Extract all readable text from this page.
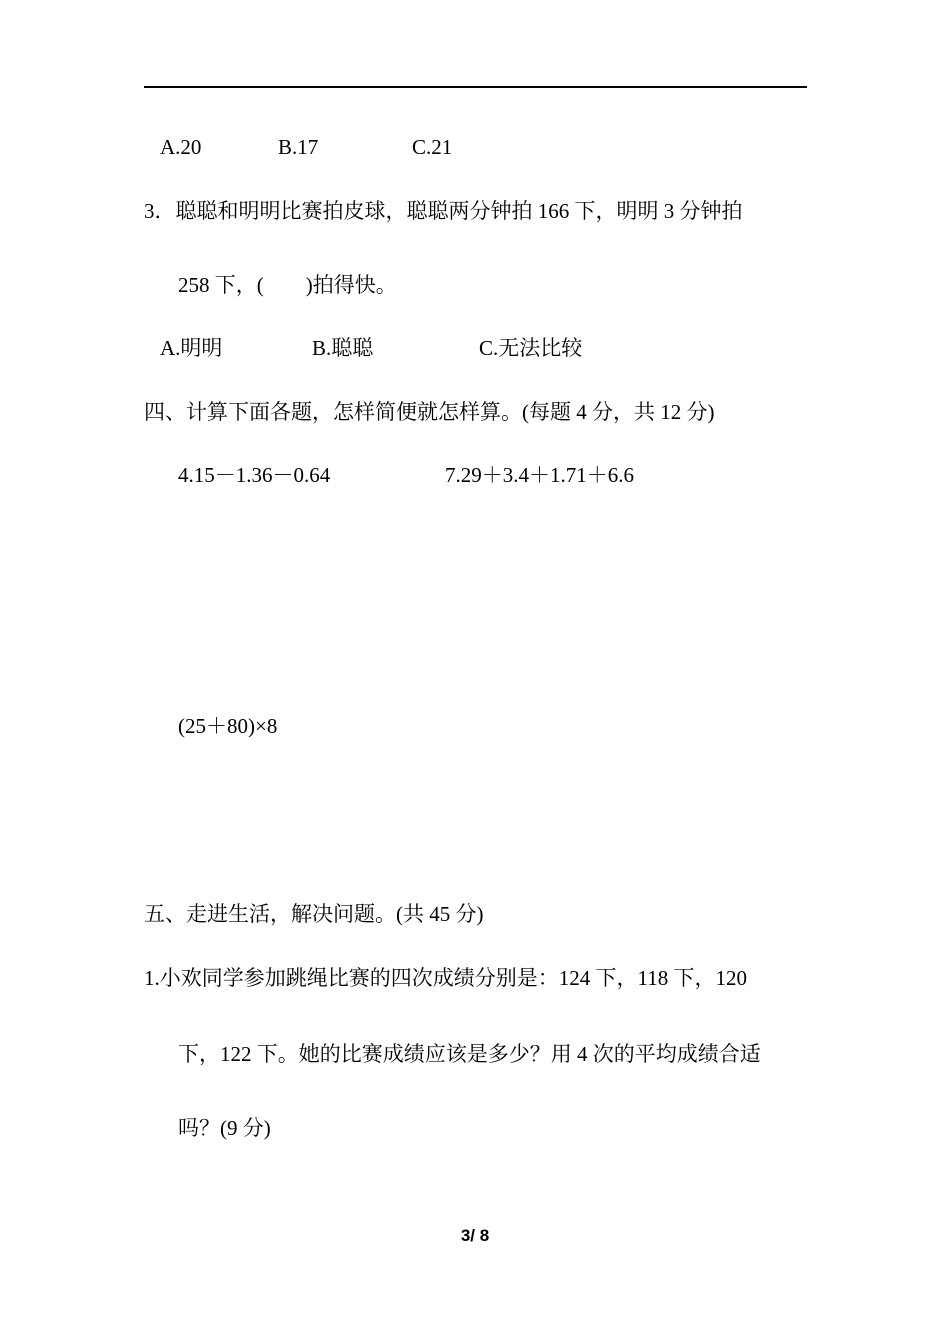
A.20	B.17	C.21
3．聪聪和明明比赛拍皮球，聪聪两分钟拍 166 下，明明 3 分钟拍
258 下，(　　)拍得快。
A.明明	B.聪聪	C.无法比较
四、计算下面各题，怎样简便就怎样算。(每题 4 分，共 12 分)
4.15－1.36－0.64	7.29＋3.4＋1.71＋6.6
(25＋80)×8
五、走进生活，解决问题。(共 45 分)
1.小欢同学参加跳绳比赛的四次成绩分别是：124 下，118 下，120
下，122 下。她的比赛成绩应该是多少？用 4 次的平均成绩合适
吗？(9 分)
3/ 8
